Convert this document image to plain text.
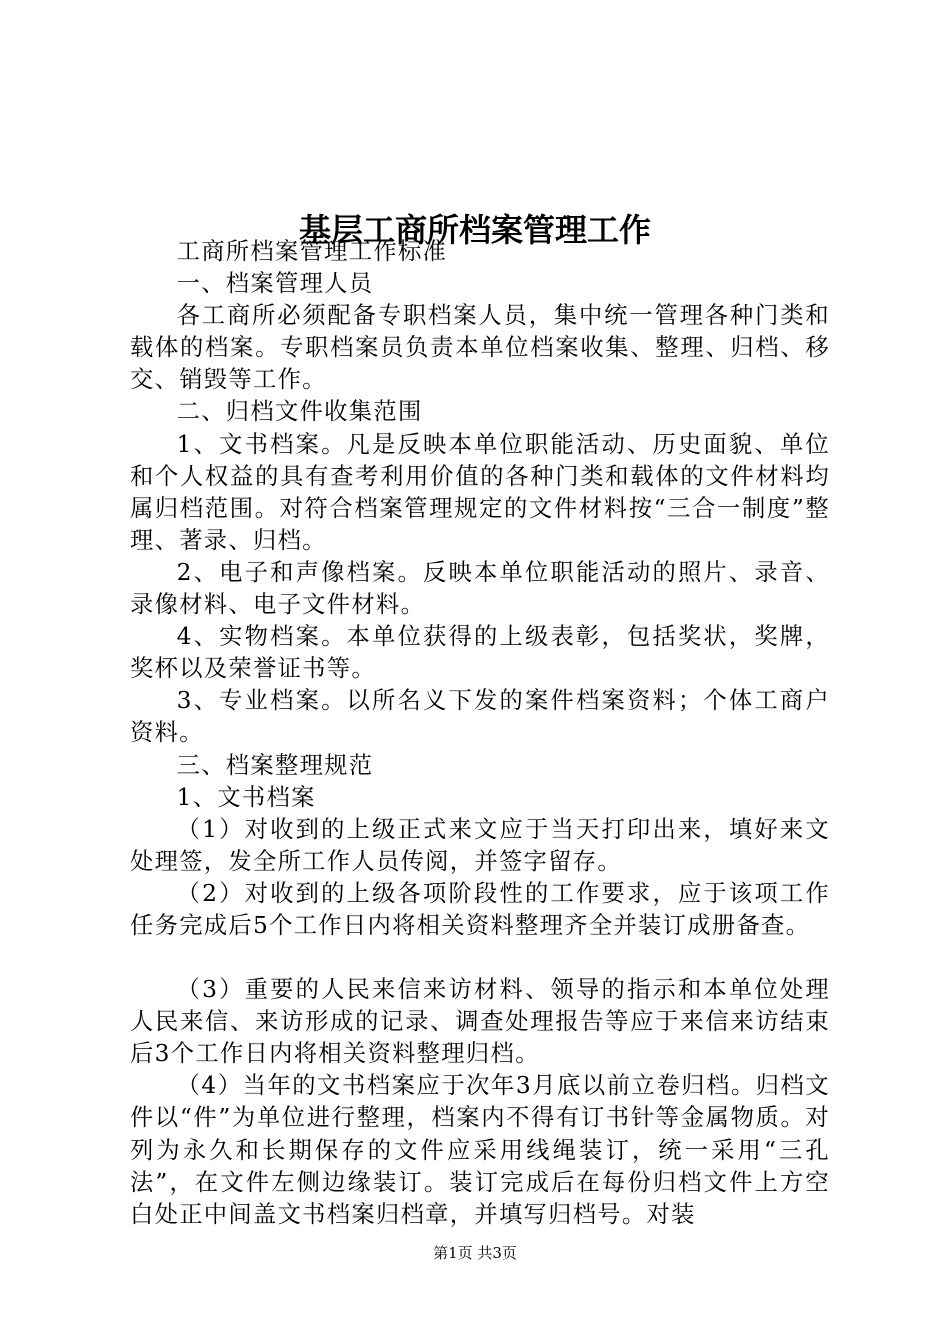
基层工商所档案管理工作

工商所档案管理工作标准

一、档案管理人员

各工商所必须配备专职档案人员，集中统一管理各种门类和载体的档案。专职档案员负责本单位档案收集、整理、归档、移交、销毁等工作。

二、归档文件收集范围

1、文书档案。凡是反映本单位职能活动、历史面貌、单位和个人权益的具有查考利用价值的各种门类和载体的文件材料均属归档范围。对符合档案管理规定的文件材料按“三合一制度”整理、著录、归档。

2、电子和声像档案。反映本单位职能活动的照片、录音、录像材料、电子文件材料。

4、实物档案。本单位获得的上级表彰，包括奖状，奖牌，奖杯以及荣誉证书等。

3、专业档案。以所名义下发的案件档案资料；个体工商户资料。

三、档案整理规范

1、文书档案

（1）对收到的上级正式来文应于当天打印出来，填好来文处理签，发全所工作人员传阅，并签字留存。

（2）对收到的上级各项阶段性的工作要求，应于该项工作任务完成后5个工作日内将相关资料整理齐全并装订成册备查。

（3）重要的人民来信来访材料、领导的指示和本单位处理人民来信、来访形成的记录、调查处理报告等应于来信来访结束后3个工作日内将相关资料整理归档。

（4）当年的文书档案应于次年3月底以前立卷归档。归档文件以“件”为单位进行整理，档案内不得有订书针等金属物质。对列为永久和长期保存的文件应采用线绳装订，统一采用“三孔法”，在文件左侧边缘装订。装订完成后在每份归档文件上方空白处正中间盖文书档案归档章，并填写归档号。对装

第1页 共3页
